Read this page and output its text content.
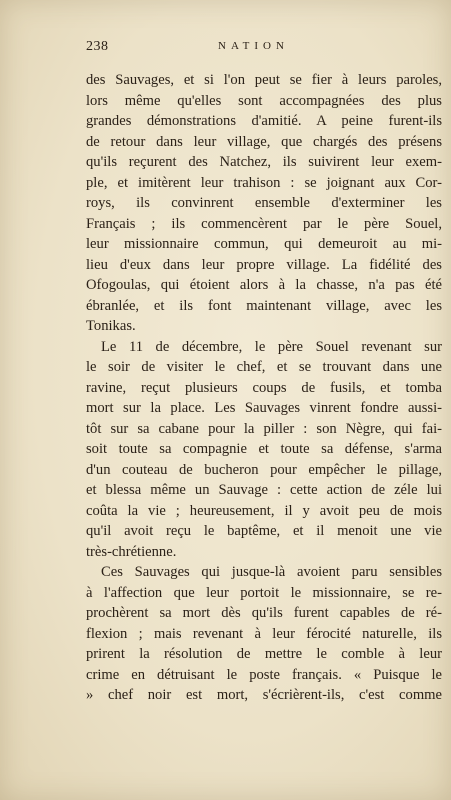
238	NATION
des Sauvages, et si l'on peut se fier à leurs paroles,
lors même qu'elles sont accompagnées des plus
grandes démonstrations d'amitié. A peine furent-ils
de retour dans leur village, que chargés des présens
qu'ils reçurent des Natchez, ils suivirent leur exem-
ple, et imitèrent leur trahison : se joignant aux Cor-
roys, ils convinrent ensemble d'exterminer les
Français ; ils commencèrent par le père Souel,
leur missionnaire commun, qui demeuroit au mi-
lieu d'eux dans leur propre village. La fidélité des
Ofogoulas, qui étoient alors à la chasse, n'a pas été
ébranlée, et ils font maintenant village, avec les
Tonikas.
Le 11 de décembre, le père Souel revenant sur
le soir de visiter le chef, et se trouvant dans une
ravine, reçut plusieurs coups de fusils, et tomba
mort sur la place. Les Sauvages vinrent fondre aussi-
tôt sur sa cabane pour la piller : son Nègre, qui fai-
soit toute sa compagnie et toute sa défense, s'arma
d'un couteau de bucheron pour empêcher le pillage,
et blessa même un Sauvage : cette action de zéle lui
coûta la vie ; heureusement, il y avoit peu de mois
qu'il avoit reçu le baptême, et il menoit une vie
très-chrétienne.
Ces Sauvages qui jusque-là avoient paru sensibles
à l'affection que leur portoit le missionnaire, se re-
prochèrent sa mort dès qu'ils furent capables de ré-
flexion ; mais revenant à leur férocité naturelle, ils
prirent la résolution de mettre le comble à leur
crime en détruisant le poste français. « Puisque le
» chef noir est mort, s'écrièrent-ils, c'est comme
